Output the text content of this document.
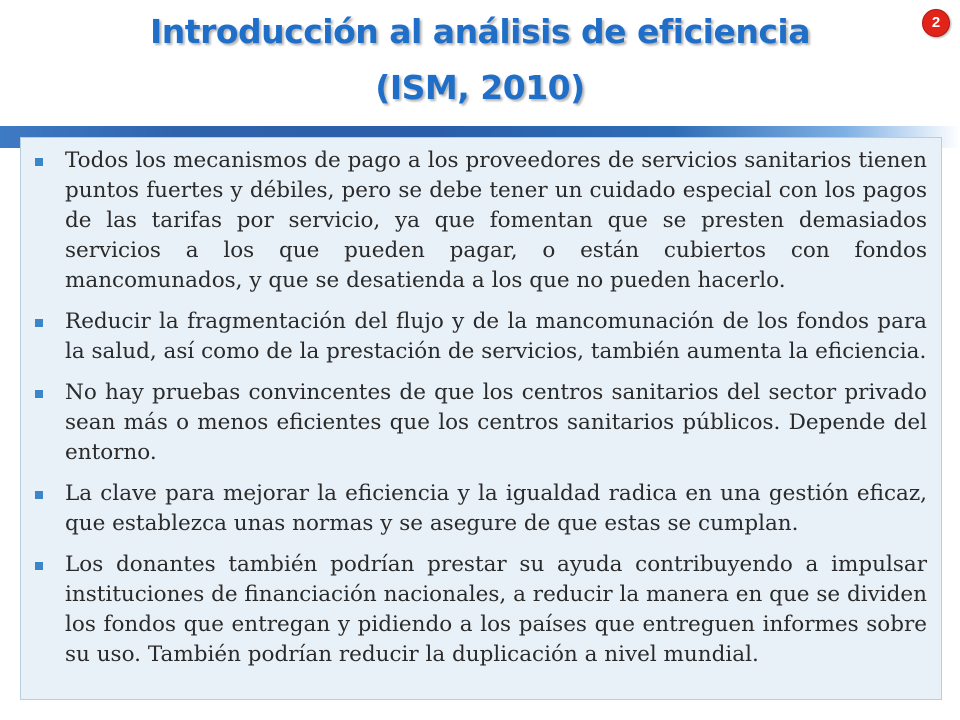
Introducción al análisis de eficiencia
(ISM, 2010)
2
Todos los mecanismos de pago a los proveedores de servicios sanitarios tienen puntos fuertes y débiles, pero se debe tener un cuidado especial con los pagos de las tarifas por servicio, ya que fomentan que se presten demasiados servicios a los que pueden pagar, o están cubiertos con fondos mancomunados, y que se desatienda a los que no pueden hacerlo.
Reducir la fragmentación del flujo y de la mancomunación de los fondos para la salud, así como de la prestación de servicios, también aumenta la eficiencia.
No hay pruebas convincentes de que los centros sanitarios del sector privado sean más o menos eficientes que los centros sanitarios públicos. Depende del entorno.
La clave para mejorar la eficiencia y la igualdad radica en una gestión eficaz, que establezca unas normas y se asegure de que estas se cumplan.
Los donantes también podrían prestar su ayuda contribuyendo a impulsar instituciones de financiación nacionales, a reducir la manera en que se dividen los fondos que entregan y pidiendo a los países que entreguen informes sobre su uso. También podrían reducir la duplicación a nivel mundial.
